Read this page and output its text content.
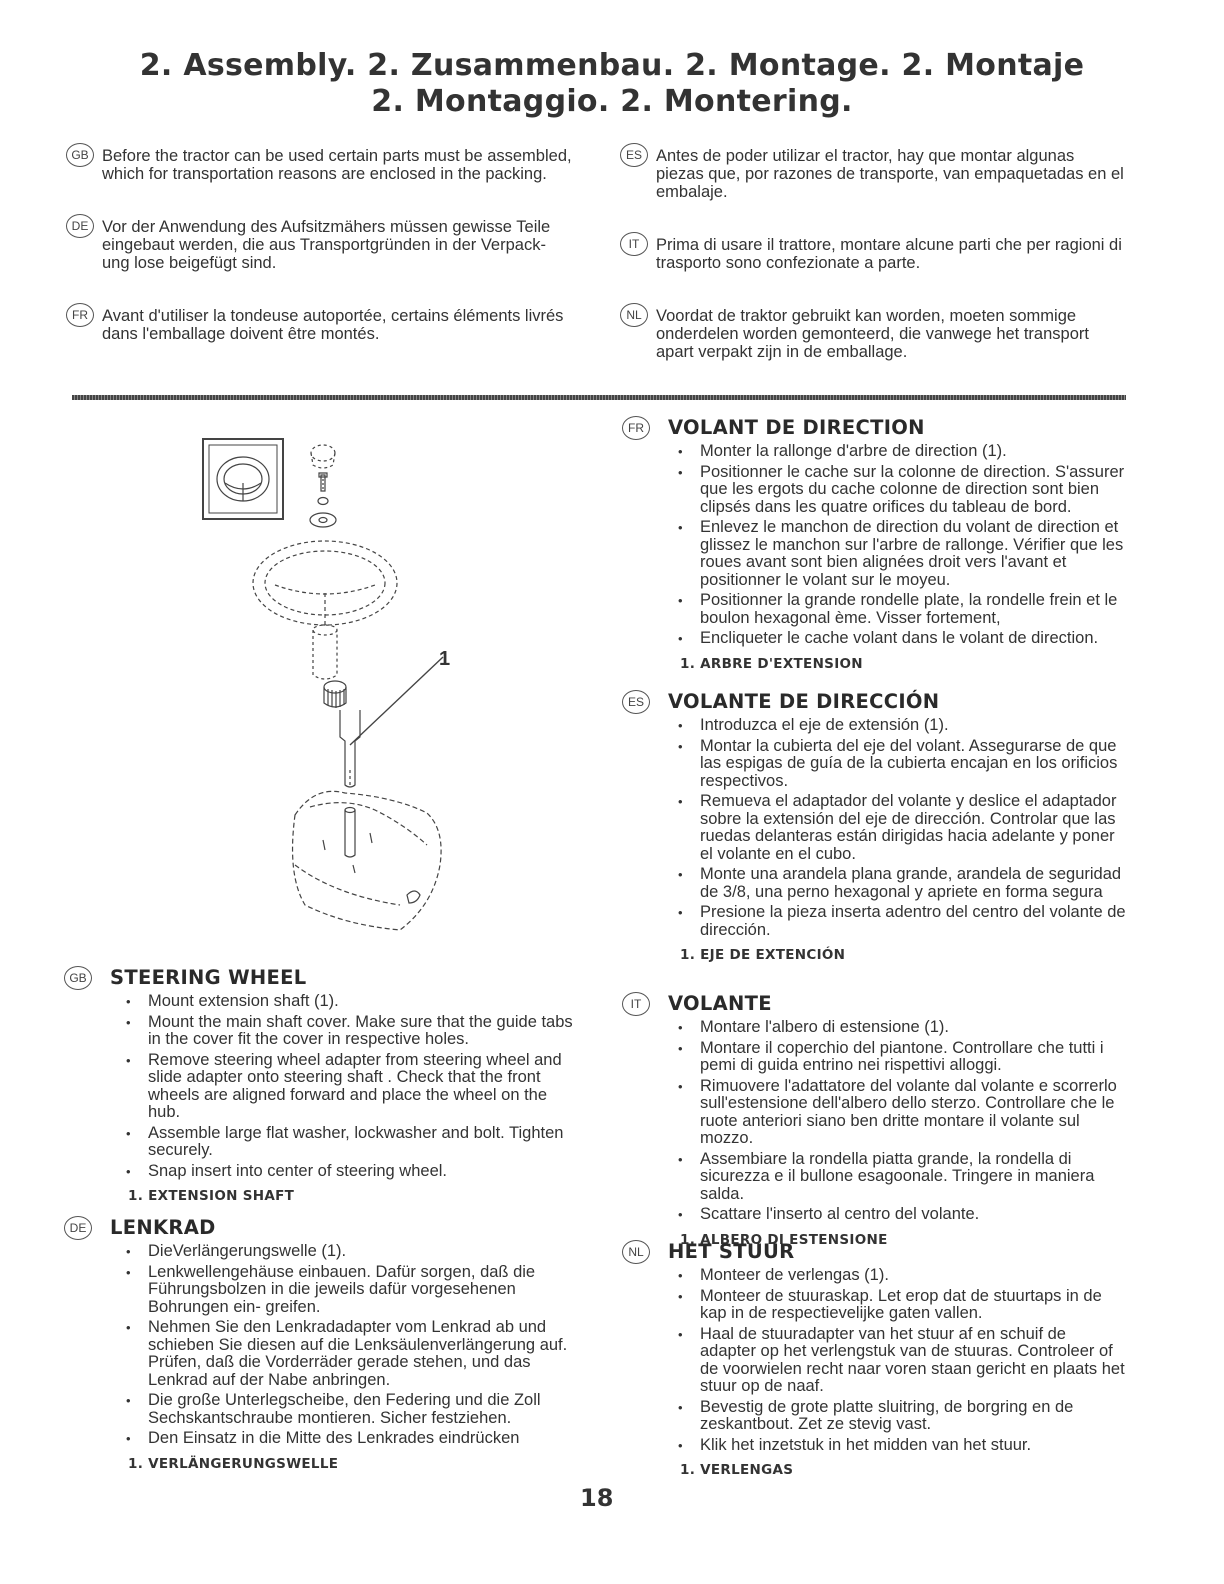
2. Assembly. 2. Zusammenbau. 2. Montage. 2. Montaje
2. Montaggio. 2. Montering.

GB Before the tractor can be used certain parts must be assembled, which for transportation reasons are enclosed in the packing.

DE Vor der Anwendung des Aufsitzmähers müssen gewisse Teile eingebaut werden, die aus Transportgründen in der Verpack-ung lose beigefügt sind.

FR Avant d'utiliser la tondeuse autoportée, certains éléments livrés dans l'emballage doivent être montés.

ES Antes de poder utilizar el tractor, hay que montar algunas piezas que, por razones de transporte, van empaquetadas en el embalaje.

IT	Prima di usare il trattore, montare alcune parti che per ragioni di trasporto sono confezionate a parte.

NL Voordat de traktor gebruikt kan worden, moeten sommige onderdelen worden gemonteerd, die vanwege het transport apart verpakt zijn in de emballage.

1
GB STEERING WHEEL
• Mount extension shaft (1).
• Mount the main shaft cover. Make sure that the guide tabs in the cover fit the cover in respective holes.
• Remove steering wheel adapter from steering wheel and slide adapter onto steering shaft . Check that the front wheels are aligned forward and place the wheel on the hub.
• Assemble large flat washer, lockwasher and bolt. Tighten securely.
• Snap insert into center of steering wheel.
1. EXTENSION SHAFT
DE LENKRAD
• DieVerlängerungswelle (1).
• Lenkwellengehäuse einbauen. Dafür sorgen, daß die Führungsbolzen in die jeweils dafür vorgesehenen Bohrungen ein- greifen.
• Nehmen Sie den Lenkradadapter vom Lenkrad ab und schieben Sie diesen auf die Lenksäulenverlängerung auf. Prüfen, daß die Vorderräder gerade stehen, und das Lenkrad auf der Nabe anbringen.
• Die große Unterlegscheibe, den Federing und die Zoll Sechskantschraube montieren. Sicher festziehen.
• Den Einsatz in die Mitte des Lenkrades eindrücken
1. VERLÄNGERUNGSWELLE
FR	VOLANT DE DIRECTION
• Monter la rallonge d'arbre de direction (1).
• Positionner le cache sur la colonne de direction. S'assurer que les ergots du cache colonne de direction sont bien clipsés dans les quatre orifices du tableau de bord.
• Enlevez le manchon de direction du volant de direction et glissez le manchon sur l'arbre de rallonge. Vérifier que les roues avant sont bien alignées droit vers l'avant et positionner le volant sur le moyeu.
• Positionner la grande rondelle plate, la rondelle frein et le boulon hexagonal ème. Visser fortement,
• Encliqueter le cache volant dans le volant de direction.
1. ARBRE D'EXTENSION
ES	VOLANTE DE DIRECCIÓN
• Introduzca el eje de extensión (1).
• Montar la cubierta del eje del volant. Assegurarse de que las espigas de guía de la cubierta encajan en los orificios respectivos.
• Remueva el adaptador del volante y deslice el adaptador sobre la extensión del eje de dirección. Controlar que las ruedas delanteras están dirigidas hacia adelante y poner el volante en el cubo.
• Monte una arandela plana grande, arandela de seguridad de 3/8, una perno hexagonal y apriete en forma segura
• Presione la pieza inserta adentro del centro del volante de dirección.
1. EJE DE EXTENCIÓN
IT	VOLANTE
• Montare l'albero di estensione (1).
• Montare il coperchio del piantone. Controllare che tutti i pemi di guida entrino nei rispettivi alloggi.
• Rimuovere l'adattatore del volante dal volante e scorrerlo sull'estensione dell'albero dello sterzo. Controllare che le ruote anteriori siano ben dritte montare il volante sul mozzo.
• Assembiare la rondella piatta grande, la rondella di sicurezza e il bullone esagoonale. Tringere in maniera salda.
• Scattare l'inserto al centro del volante.
1. ALBERO DI ESTENSIONE
NL	HET STUUR
• Monteer de verlengas (1).
• Monteer de stuuraskap. Let erop dat de stuurtaps in de kap in de respectievelijke gaten vallen.
• Haal de stuuradapter van het stuur af en schuif de adapter op het verlengstuk van de stuuras. Controleer of de voorwielen recht naar voren staan gericht en plaats het stuur op de naaf.
• Bevestig de grote platte sluitring, de borgring en de zeskantbout. Zet ze stevig vast.
• Klik het inzetstuk in het midden van het stuur.
1. VERLENGAS
18
